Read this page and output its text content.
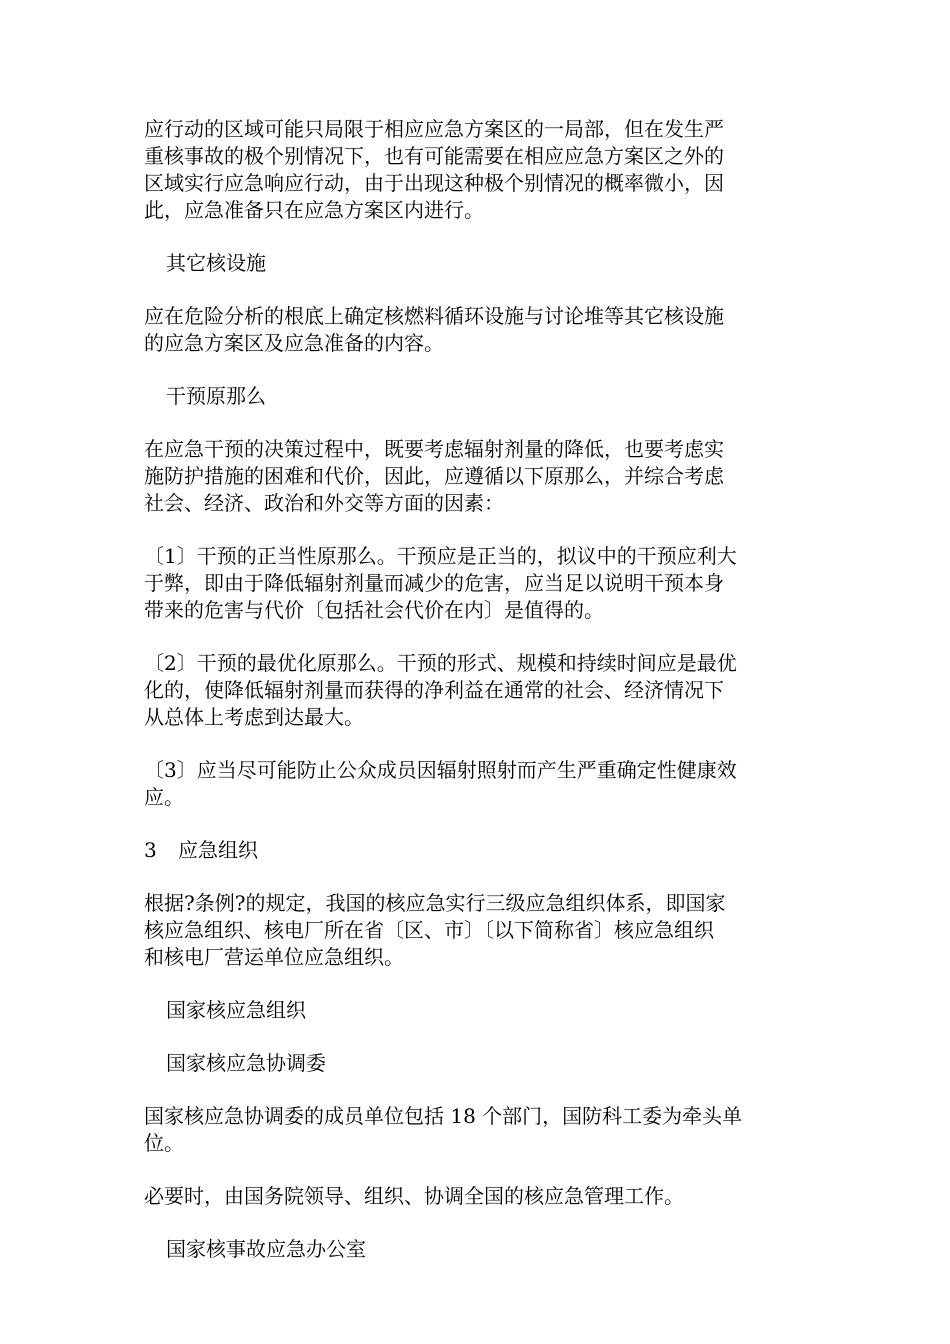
应行动的区域可能只局限于相应应急方案区的一局部，但在发生严
重核事故的极个别情况下，也有可能需要在相应应急方案区之外的
区域实行应急响应行动，由于出现这种极个别情况的概率微小，因
此，应急准备只在应急方案区内进行。
其它核设施
应在危险分析的根底上确定核燃料循环设施与讨论堆等其它核设施
的应急方案区及应急准备的内容。
干预原那么
在应急干预的决策过程中，既要考虑辐射剂量的降低，也要考虑实
施防护措施的困难和代价，因此，应遵循以下原那么，并综合考虑
社会、经济、政治和外交等方面的因素：
〔1〕干预的正当性原那么。干预应是正当的，拟议中的干预应利大
于弊，即由于降低辐射剂量而减少的危害，应当足以说明干预本身
带来的危害与代价〔包括社会代价在内〕是值得的。
〔2〕干预的最优化原那么。干预的形式、规模和持续时间应是最优
化的，使降低辐射剂量而获得的净利益在通常的社会、经济情况下
从总体上考虑到达最大。
〔3〕应当尽可能防止公众成员因辐射照射而产生严重确定性健康效
应。
3 应急组织
根据?条例?的规定，我国的核应急实行三级应急组织体系，即国家
核应急组织、核电厂所在省〔区、市〕〔以下简称省〕核应急组织
和核电厂营运单位应急组织。
国家核应急组织
国家核应急协调委
国家核应急协调委的成员单位包括 18 个部门，国防科工委为牵头单
位。
必要时，由国务院领导、组织、协调全国的核应急管理工作。
国家核事故应急办公室
